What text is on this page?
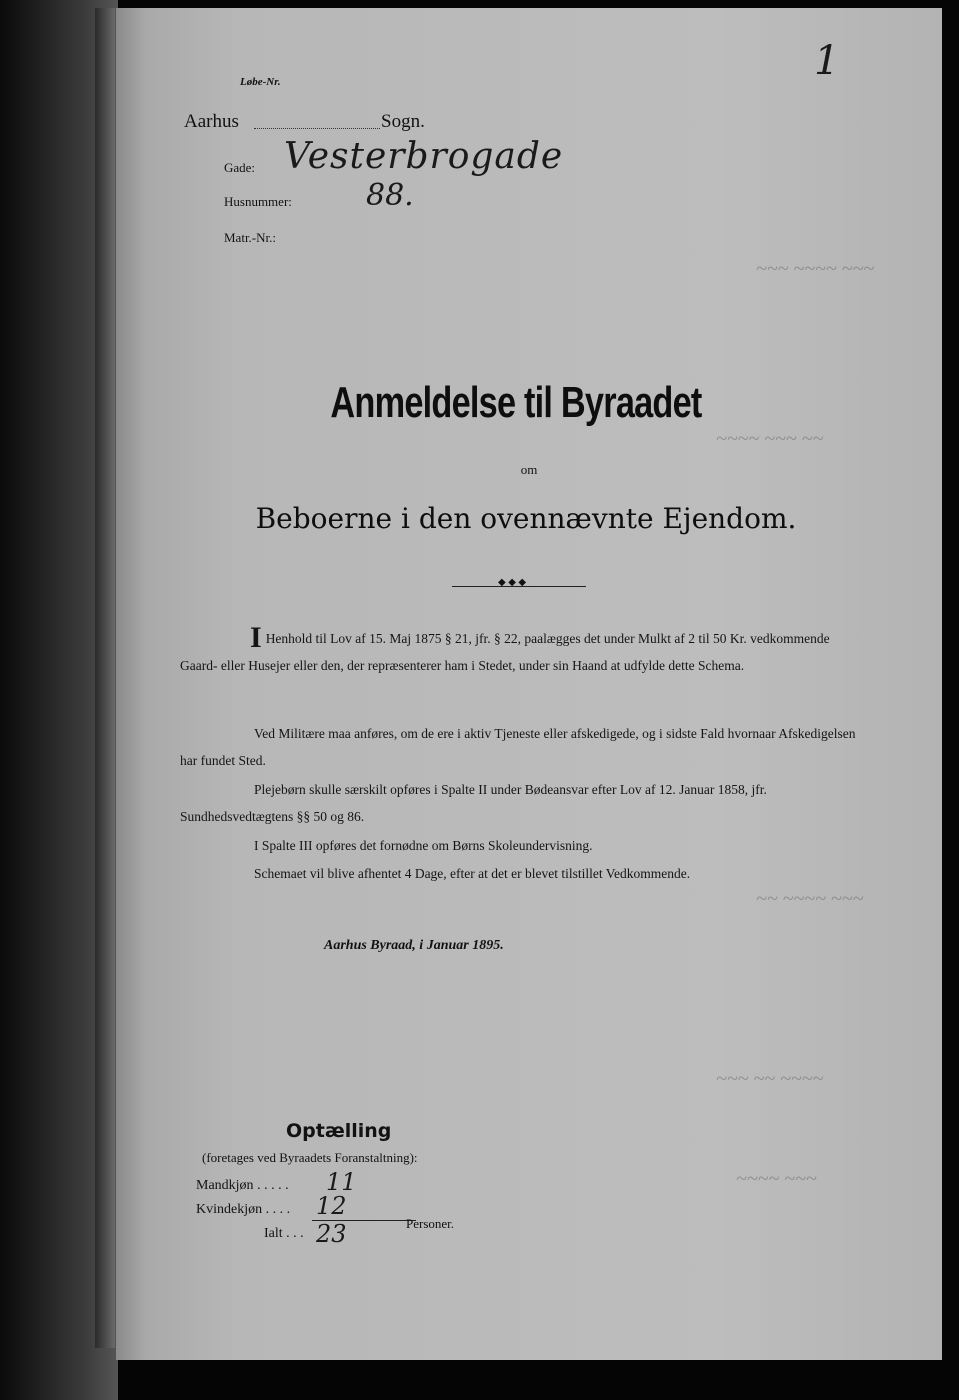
~~~ ~~~~ ~~~
~~~~ ~~~ ~~
~~ ~~~~ ~~~
~~~ ~~ ~~~~
~~~~ ~~~
1
Løbe-Nr.
Aarhus	Sogn.
Gade: Vesterbrogade
Husnummer: 88.
Matr.-Nr.:
Anmeldelse til Byraadet
om
Beboerne i den ovennævnte Ejendom.
◆ ◆ ◆
I Henhold til Lov af 15. Maj 1875 § 21, jfr. § 22, paalægges det under Mulkt af 2 til 50 Kr. vedkommende Gaard- eller Husejer eller den, der repræsenterer ham i Stedet, under sin Haand at udfylde dette Schema.
Ved Militære maa anføres, om de ere i aktiv Tjeneste eller afskedigede, og i sidste Fald hvornaar Afskedigelsen har fundet Sted.
Plejebørn skulle særskilt opføres i Spalte II under Bødeansvar efter Lov af 12. Januar 1858, jfr. Sundhedsvedtægtens §§ 50 og 86.
I Spalte III opføres det fornødne om Børns Skoleundervisning.
Schemaet vil blive afhentet 4 Dage, efter at det er blevet tilstillet Vedkommende.
Aarhus Byraad, i Januar 1895.
Optælling
(foretages ved Byraadets Foranstaltning):
Mandkjøn . . . . . 11
Kvindekjøn . . . . 12
Ialt . . . 23	Personer.
